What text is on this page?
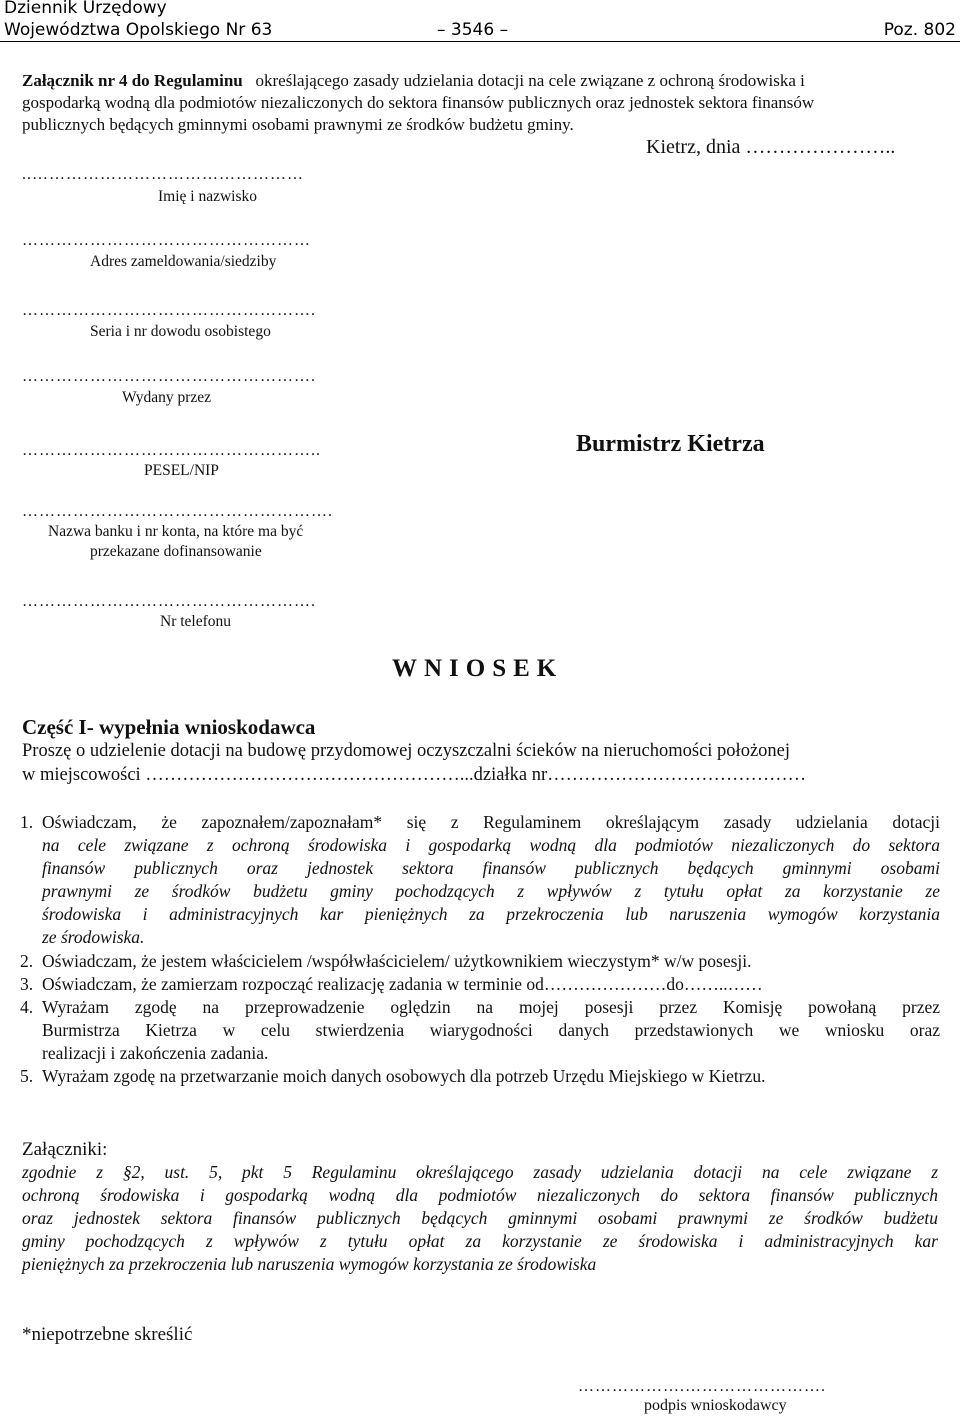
Dziennik Urzędowy
Województwa Opolskiego Nr 63	– 3546 –	Poz. 802
Załącznik nr 4 do Regulaminu określającego zasady udzielania dotacji na cele związane z ochroną środowiska i
gospodarką wodną dla podmiotów niezaliczonych do sektora finansów publicznych oraz jednostek sektora finansów
publicznych będących gminnymi osobami prawnymi ze środków budżetu gminy.
Kietrz, dnia …………………..
..…………………………………………
Imię i nazwisko
……………………………………………
Adres zameldowania/siedziby
…………………………………………….
Seria i nr dowodu osobistego
…………………………………………….
Wydany przez
……………………………………………..
PESEL/NIP
……………………………………………….
Nazwa banku i nr konta, na które ma być
przekazane dofinansowanie
…………………………………………….
Nr telefonu
Burmistrz Kietrza
WNIOSEK
Część I- wypełnia wnioskodawca
Proszę o udzielenie dotacji na budowę przydomowej oczyszczalni ścieków na nieruchomości położonej
w miejscowości ……………………………………………...działka nr……………………………………
1. Oświadczam, że zapoznałem/zapoznałam* się z Regulaminem określającym zasady udzielania dotacji
na cele związane z ochroną środowiska i gospodarką wodną dla podmiotów niezaliczonych do sektora
finansów publicznych oraz jednostek sektora finansów publicznych będących gminnymi osobami
prawnymi ze środków budżetu gminy pochodzących z wpływów z tytułu opłat za korzystanie ze
środowiska i administracyjnych kar pieniężnych za przekroczenia lub naruszenia wymogów korzystania
ze środowiska.
2. Oświadczam, że jestem właścicielem /współwłaścicielem/ użytkownikiem wieczystym* w/w posesji.
3. Oświadczam, że zamierzam rozpocząć realizację zadania w terminie od…………………do……..……
4. Wyrażam zgodę na przeprowadzenie oględzin na mojej posesji przez Komisję powołaną przez
Burmistrza Kietrza w celu stwierdzenia wiarygodności danych przedstawionych we wniosku oraz
realizacji i zakończenia zadania.
5. Wyrażam zgodę na przetwarzanie moich danych osobowych dla potrzeb Urzędu Miejskiego w Kietrzu.
Załączniki:
zgodnie z §2, ust. 5, pkt 5 Regulaminu określającego zasady udzielania dotacji na cele związane z
ochroną środowiska i gospodarką wodną dla podmiotów niezaliczonych do sektora finansów publicznych
oraz jednostek sektora finansów publicznych będących gminnymi osobami prawnymi ze środków budżetu
gminy pochodzących z wpływów z tytułu opłat za korzystanie ze środowiska i administracyjnych kar
pieniężnych za przekroczenia lub naruszenia wymogów korzystania ze środowiska
*niepotrzebne skreślić
……………….…………………….
podpis wnioskodawcy
